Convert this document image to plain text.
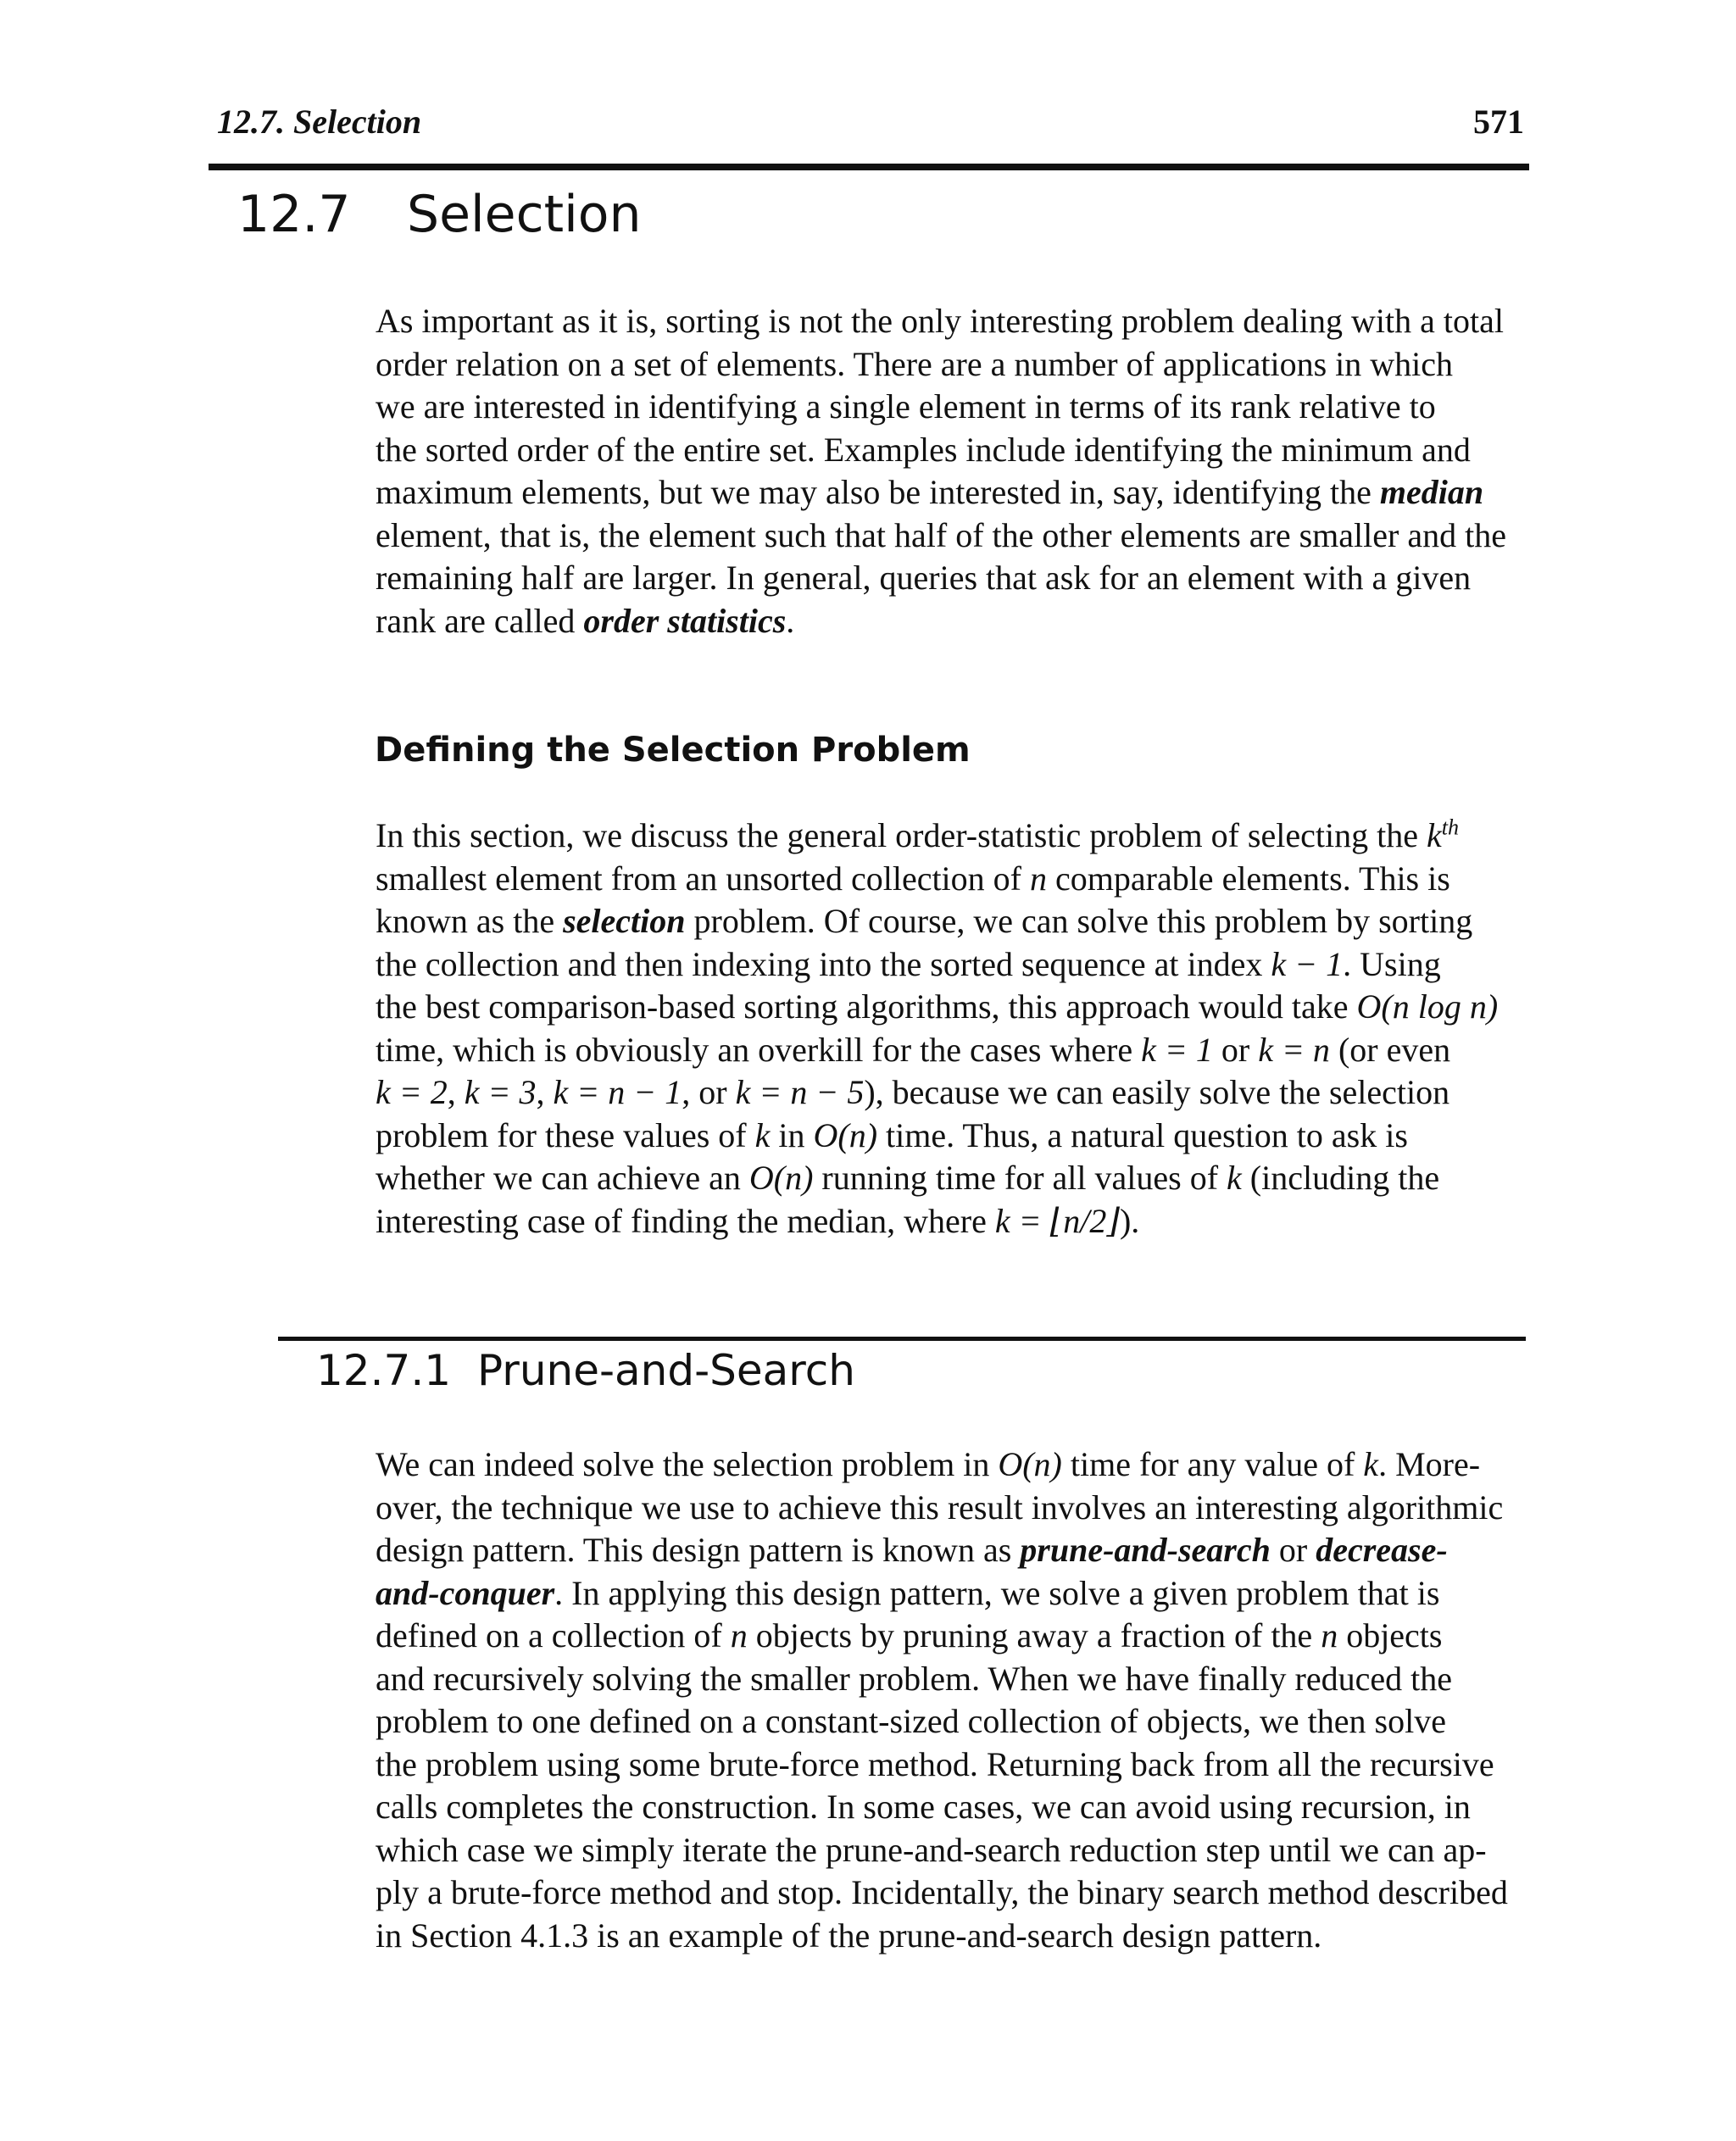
12.7. Selection	571
12.7 Selection
As important as it is, sorting is not the only interesting problem dealing with a total
order relation on a set of elements. There are a number of applications in which
we are interested in identifying a single element in terms of its rank relative to
the sorted order of the entire set. Examples include identifying the minimum and
maximum elements, but we may also be interested in, say, identifying the median
element, that is, the element such that half of the other elements are smaller and the
remaining half are larger. In general, queries that ask for an element with a given
rank are called order statistics.
Defining the Selection Problem
In this section, we discuss the general order-statistic problem of selecting the $k^{th}$
smallest element from an unsorted collection of n comparable elements. This is
known as the selection problem. Of course, we can solve this problem by sorting
the collection and then indexing into the sorted sequence at index k − 1. Using
the best comparison-based sorting algorithms, this approach would take O(n log n)
time, which is obviously an overkill for the cases where k = 1 or k = n (or even
k = 2, k = 3, k = n − 1, or k = n − 5), because we can easily solve the selection
problem for these values of k in O(n) time. Thus, a natural question to ask is
whether we can achieve an O(n) running time for all values of k (including the
interesting case of finding the median, where k = ⌊n/2⌋).
12.7.1 Prune-and-Search
We can indeed solve the selection problem in O(n) time for any value of k. More-
over, the technique we use to achieve this result involves an interesting algorithmic
design pattern. This design pattern is known as prune-and-search or decrease-
and-conquer. In applying this design pattern, we solve a given problem that is
defined on a collection of n objects by pruning away a fraction of the n objects
and recursively solving the smaller problem. When we have finally reduced the
problem to one defined on a constant-sized collection of objects, we then solve
the problem using some brute-force method. Returning back from all the recursive
calls completes the construction. In some cases, we can avoid using recursion, in
which case we simply iterate the prune-and-search reduction step until we can ap-
ply a brute-force method and stop. Incidentally, the binary search method described
in Section 4.1.3 is an example of the prune-and-search design pattern.
